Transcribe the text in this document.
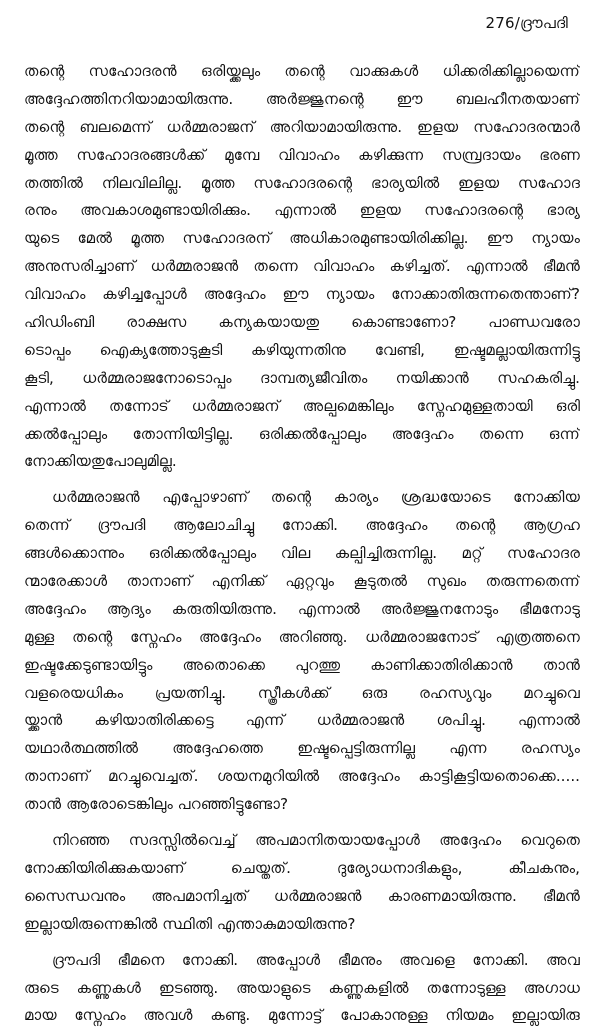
276/ദ്രൗപദി
തന്റെ സഹോദരൻ ഒരിയ്ക്കലും തന്റെ വാക്കുകൾ ധിക്കരിക്കില്ലായെന്ന്
അദ്ദേഹത്തിനറിയാമായിരുന്നു. അർജ്ജുനന്റെ ഈ ബലഹീനതയാണ്
തന്റെ ബലമെന്ന് ധർമ്മരാജന് അറിയാമായിരുന്നു. ഇളയ സഹോദരന്മാർ
മൂത്ത സഹോദരങ്ങൾക്ക് മുമ്പേ വിവാഹം കഴിക്കുന്ന സമ്പ്രദായം ഭരണ
തത്തിൽ നിലവിലില്ല. മൂത്ത സഹോദരന്റെ ഭാര്യയിൽ ഇളയ സഹോദ
രനും അവകാശമുണ്ടായിരിക്കും. എന്നാൽ ഇളയ സഹോദരന്റെ ഭാര്യ
യുടെ മേൽ മൂത്ത സഹോദരന് അധികാരമുണ്ടായിരിക്കില്ല. ഈ ന്യായം
അനുസരിച്ചാണ് ധർമ്മരാജൻ തന്നെ വിവാഹം കഴിച്ചത്. എന്നാൽ ഭീമൻ
വിവാഹം കഴിച്ചപ്പോൾ അദ്ദേഹം ഈ ന്യായം നോക്കാതിരുന്നതെന്താണ്?
ഹിഡിംബി രാക്ഷസ കന്യകയായതു കൊണ്ടാണോ? പാണ്ഡവരോ
ടൊപ്പം ഐക്യത്തോടുകൂടി കഴിയുന്നതിനു വേണ്ടി, ഇഷ്ടമല്ലായിരുന്നിട്ടു
കൂടി, ധർമ്മരാജനോടൊപ്പം ദാമ്പത്യജീവിതം നയിക്കാൻ സഹകരിച്ചു.
എന്നാൽ തന്നോട് ധർമ്മരാജന് അല്പമെങ്കിലും സ്നേഹമുള്ളതായി ഒരി
ക്കൽപ്പോലും തോന്നിയിട്ടില്ല. ഒരിക്കൽപ്പോലും അദ്ദേഹം തന്നെ ഒന്ന്
നോക്കിയതുപോലുമില്ല.
ധർമ്മരാജൻ എപ്പോഴാണ് തന്റെ കാര്യം ശ്രദ്ധയോടെ നോക്കിയ
തെന്ന് ദ്രൗപദി ആലോചിച്ചു നോക്കി. അദ്ദേഹം തന്റെ ആഗ്രഹ
ങ്ങൾക്കൊന്നും ഒരിക്കൽപ്പോലും വില കല്പിച്ചിരുന്നില്ല. മറ്റ് സഹോദര
ന്മാരേക്കാൾ താനാണ് എനിക്ക് ഏറ്റവും കൂടുതൽ സുഖം തരുന്നതെന്ന്
അദ്ദേഹം ആദ്യം കരുതിയിരുന്നു. എന്നാൽ അർജ്ജുനനോടും ഭീമനോടു
മുള്ള തന്റെ സ്നേഹം അദ്ദേഹം അറിഞ്ഞു. ധർമ്മരാജനോട് എത്രത്തനെ
ഇഷ്ടക്കേടുണ്ടായിട്ടും അതൊക്കെ പുറത്തു കാണിക്കാതിരിക്കാൻ താൻ
വളരെയധികം പ്രയത്നിച്ചു. സ്ത്രീകൾക്ക് ഒരു രഹസ്യവും മറച്ചുവെ
യ്ക്കാൻ കഴിയാതിരിക്കട്ടെ എന്ന് ധർമ്മരാജൻ ശപിച്ചു. എന്നാൽ
യഥാർത്ഥത്തിൽ അദ്ദേഹത്തെ ഇഷ്ടപ്പെട്ടിരുന്നില്ല എന്ന രഹസ്യം
താനാണ് മറച്ചുവെച്ചത്. ശയനമുറിയിൽ അദ്ദേഹം കാട്ടികൂട്ടിയതൊക്കെ.....
താൻ ആരോടെങ്കിലും പറഞ്ഞിട്ടുണ്ടോ?
നിറഞ്ഞ സദസ്സിൽവെച്ച് അപമാനിതയായപ്പോൾ അദ്ദേഹം വെറുതെ
നോക്കിയിരിക്കുകയാണ് ചെയ്തത്. ദുര്യോധനാദികളും, കീചകനും,
സൈന്ധവനും അപമാനിച്ചത് ധർമ്മരാജൻ കാരണമായിരുന്നു. ഭീമൻ
ഇല്ലായിരുന്നെങ്കിൽ സ്ഥിതി എന്താകുമായിരുന്നു?
ദ്രൗപദി ഭീമനെ നോക്കി. അപ്പോൾ ഭീമനും അവളെ നോക്കി. അവ
രുടെ കണ്ണുകൾ ഇടഞ്ഞു. അയാളുടെ കണ്ണുകളിൽ തന്നോടുള്ള അഗാധ
മായ സ്നേഹം അവൾ കണ്ടു. മുന്നോട്ട് പോകാനുള്ള നിയമം ഇല്ലായിരു
